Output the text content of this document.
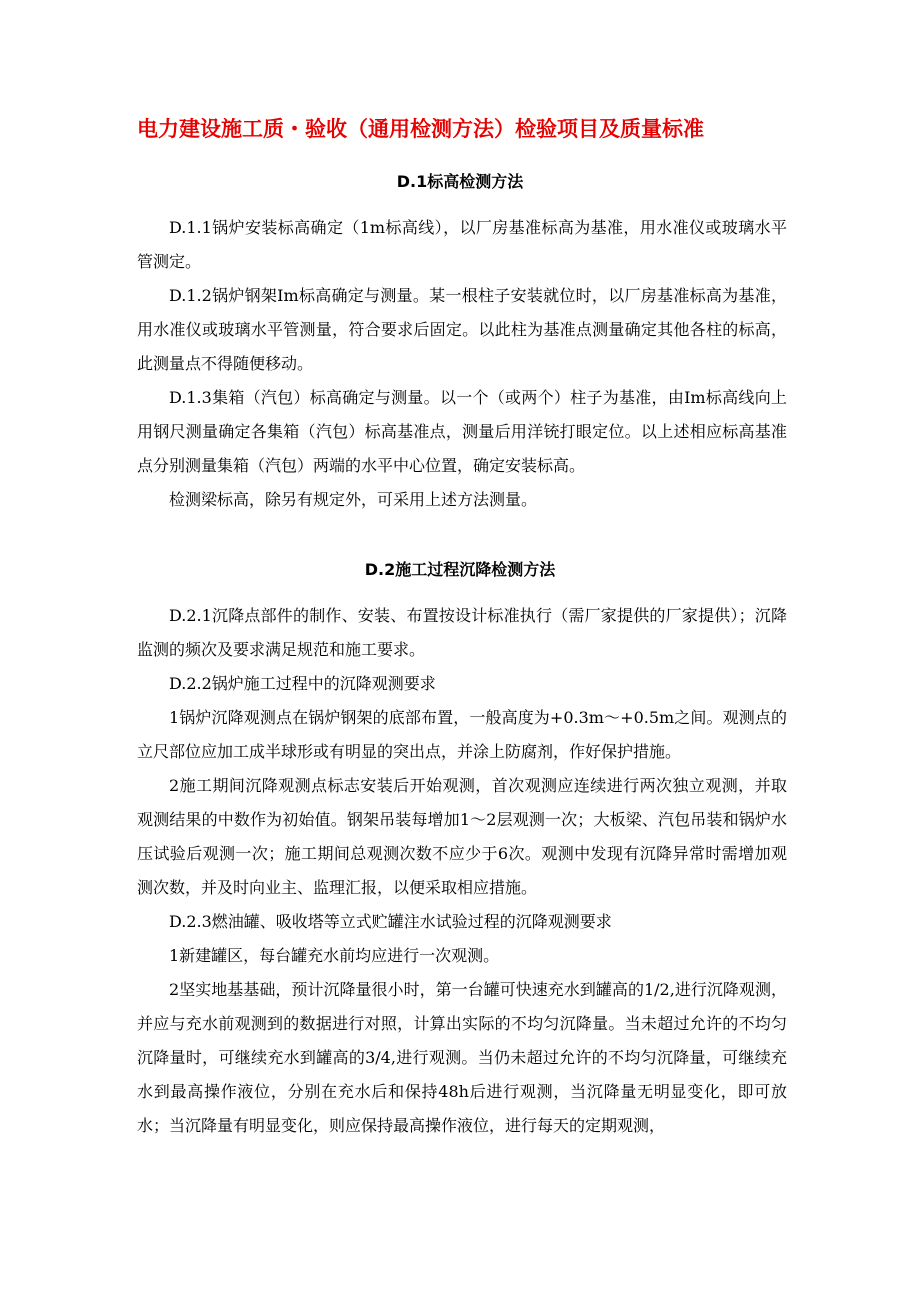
电力建设施工质・验收（通用检测方法）检验项目及质量标准
D.1标高检测方法

D.1.1锅炉安装标高确定（1m标高线），以厂房基准标高为基准，用水准仪或玻璃水平管测定。

D.1.2锅炉钢架Im标高确定与测量。某一根柱子安装就位时，以厂房基准标高为基准，用水准仪或玻璃水平管测量，符合要求后固定。以此柱为基准点测量确定其他各柱的标高，此测量点不得随便移动。

D.1.3集箱（汽包）标高确定与测量。以一个（或两个）柱子为基准，由Im标高线向上用钢尺测量确定各集箱（汽包）标高基准点，测量后用洋铳打眼定位。以上述相应标高基准点分别测量集箱（汽包）两端的水平中心位置，确定安装标高。

检测梁标高，除另有规定外，可采用上述方法测量。

D.2施工过程沉降检测方法

D.2.1沉降点部件的制作、安装、布置按设计标准执行（需厂家提供的厂家提供）；沉降监测的频次及要求满足规范和施工要求。

D.2.2锅炉施工过程中的沉降观测要求

1锅炉沉降观测点在锅炉钢架的底部布置，一般高度为+0.3m～+0.5m之间。观测点的立尺部位应加工成半球形或有明显的突出点，并涂上防腐剂，作好保护措施。

2施工期间沉降观测点标志安装后开始观测，首次观测应连续进行两次独立观测，并取观测结果的中数作为初始值。钢架吊装每增加1～2层观测一次；大板梁、汽包吊装和锅炉水压试验后观测一次；施工期间总观测次数不应少于6次。观测中发现有沉降异常时需增加观测次数，并及时向业主、监理汇报，以便采取相应措施。

D.2.3燃油罐、吸收塔等立式贮罐注水试验过程的沉降观测要求

1新建罐区，每台罐充水前均应进行一次观测。

2坚实地基基础，预计沉降量很小时，第一台罐可快速充水到罐高的1/2,进行沉降观测，并应与充水前观测到的数据进行对照，计算出实际的不均匀沉降量。当未超过允许的不均匀沉降量时，可继续充水到罐高的3/4,进行观测。当仍未超过允许的不均匀沉降量，可继续充水到最高操作液位，分别在充水后和保持48h后进行观测，当沉降量无明显变化，即可放水；当沉降量有明显变化，则应保持最高操作液位，进行每天的定期观测，
